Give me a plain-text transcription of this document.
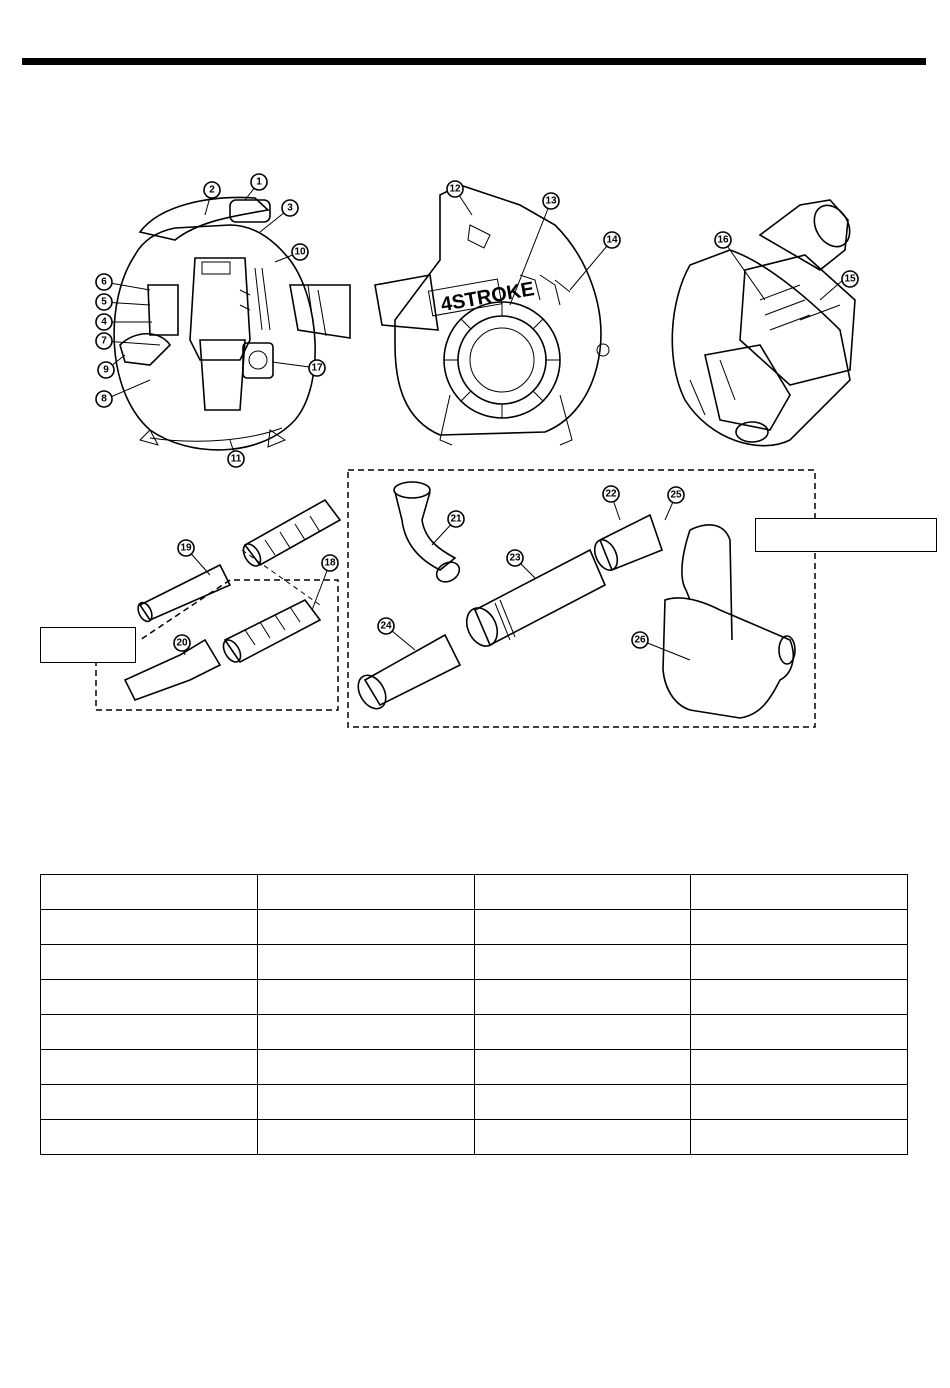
4STROKE
1
2
3
4
5
6
7
8
9
10
11
12
13
14
15
16
17
18
19
20
21
22
23
24
25
26
